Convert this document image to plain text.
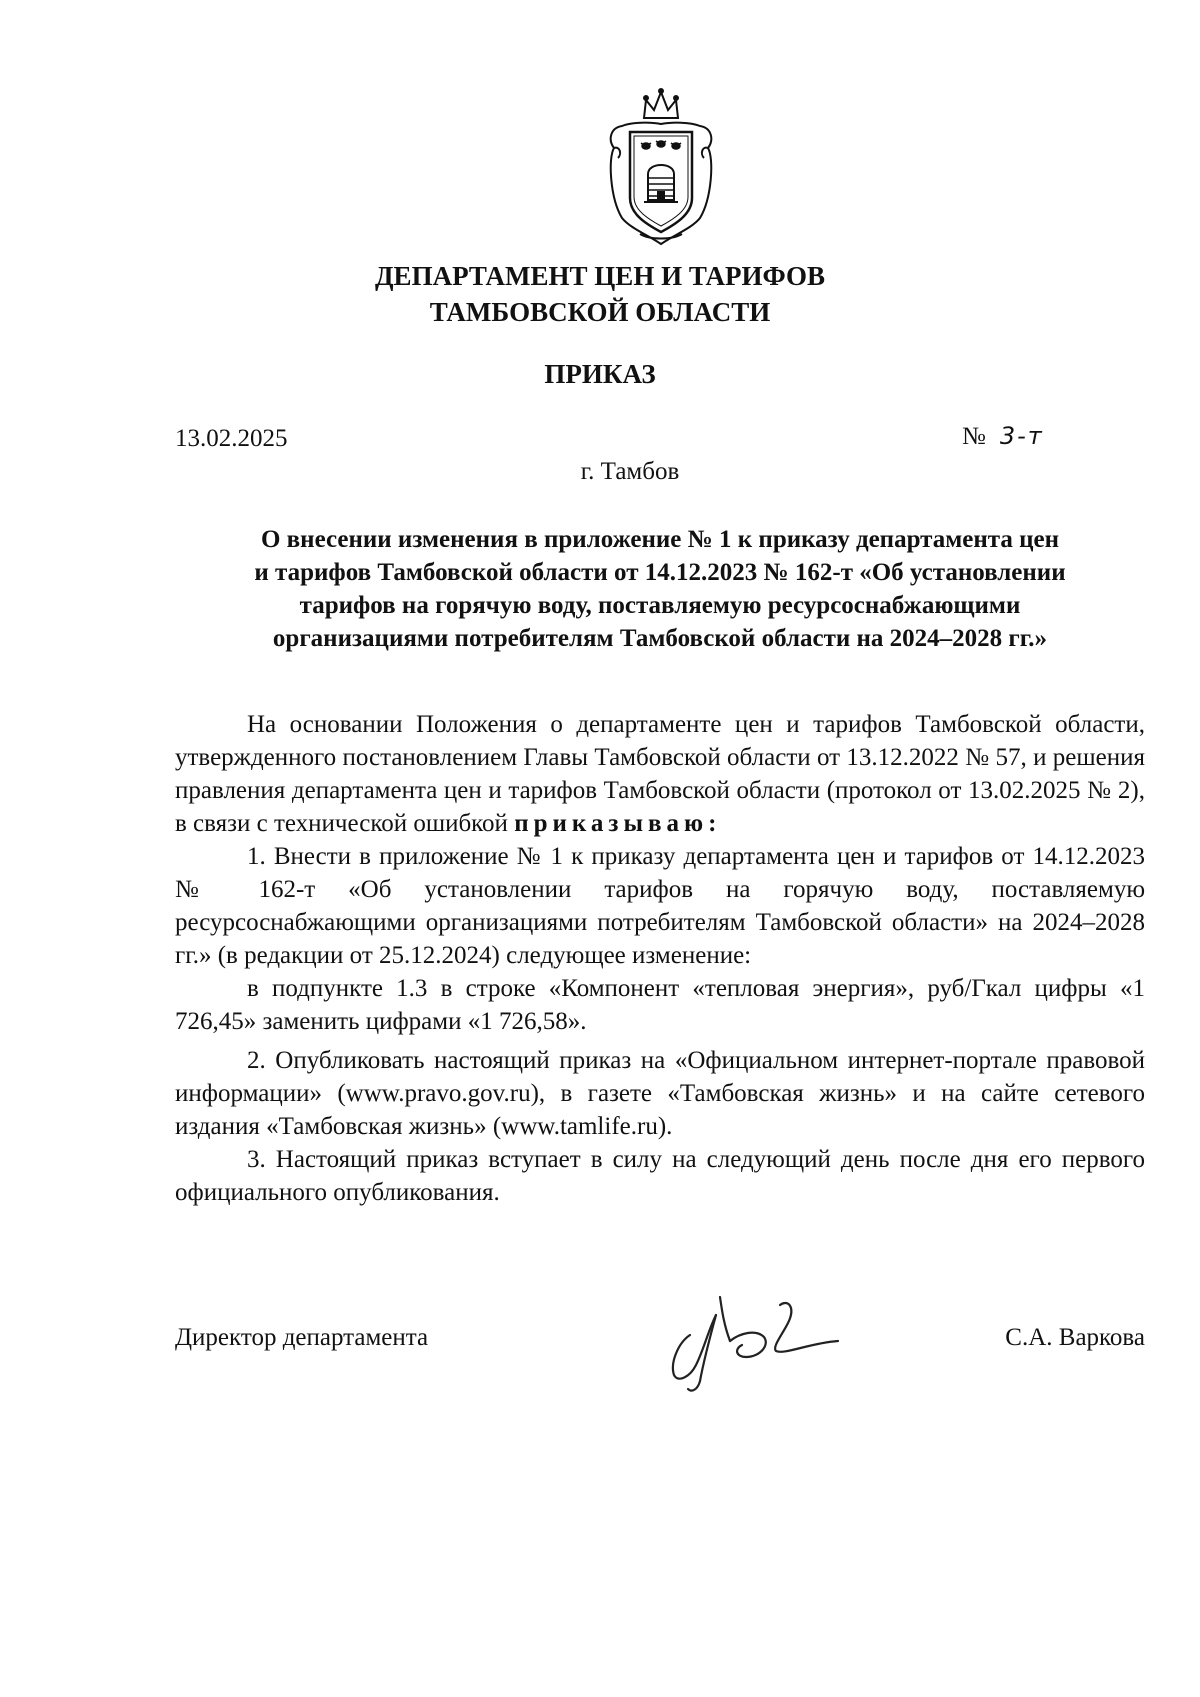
ДЕПАРТАМЕНТ ЦЕН И ТАРИФОВ
ТАМБОВСКОЙ ОБЛАСТИ
ПРИКАЗ
13.02.2025	№ 3-т
г. Тамбов
О внесении изменения в приложение № 1 к приказу департамента цен
и тарифов Тамбовской области от 14.12.2023 № 162-т «Об установлении
тарифов на горячую воду, поставляемую ресурсоснабжающими
организациями потребителям Тамбовской области на 2024–2028 гг.»

На основании Положения о департаменте цен и тарифов Тамбовской области, утвержденного постановлением Главы Тамбовской области от 13.12.2022 № 57, и решения правления департамента цен и тарифов Тамбовской области (протокол от 13.02.2025 № 2), в связи с технической ошибкой приказываю:

1. Внести в приложение № 1 к приказу департамента цен и тарифов от 14.12.2023 № 162-т «Об установлении тарифов на горячую воду, поставляемую ресурсоснабжающими организациями потребителям Тамбовской области» на 2024–2028 гг.» (в редакции от 25.12.2024) следующее изменение:

в подпункте 1.3 в строке «Компонент «тепловая энергия», руб/Гкал цифры «1 726,45» заменить цифрами «1 726,58».

2. Опубликовать настоящий приказ на «Официальном интернет-портале правовой информации» (www.pravo.gov.ru), в газете «Тамбовская жизнь» и на сайте сетевого издания «Тамбовская жизнь» (www.tamlife.ru).

3. Настоящий приказ вступает в силу на следующий день после дня его первого официального опубликования.

Директор департамента	С.А. Варкова
